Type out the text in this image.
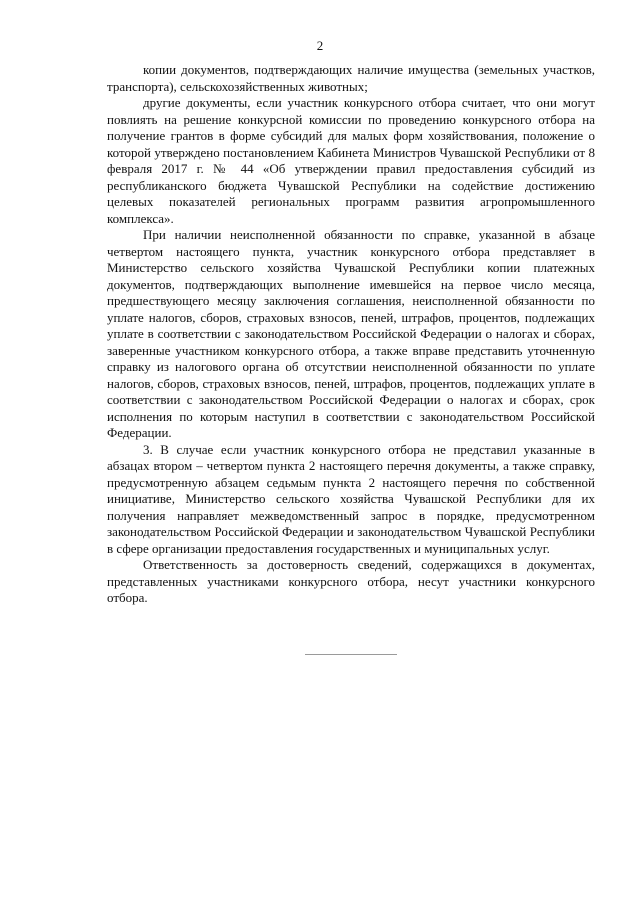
2

копии документов, подтверждающих наличие имущества (земельных участков, транспорта), сельскохозяйственных животных;

другие документы, если участник конкурсного отбора считает, что они могут повлиять на решение конкурсной комиссии по проведению конкурсного отбора на получение грантов в форме субсидий для малых форм хозяйствования, положение о которой утверждено постановлением Кабинета Министров Чувашской Республики от 8 февраля 2017 г. № 44 «Об утверждении правил предоставления субсидий из республиканского бюджета Чувашской Республики на содействие достижению целевых показателей региональных программ развития агропромышленного комплекса».

При наличии неисполненной обязанности по справке, указанной в абзаце четвертом настоящего пункта, участник конкурсного отбора представляет в Министерство сельского хозяйства Чувашской Республики копии платежных документов, подтверждающих выполнение имевшейся на первое число месяца, предшествующего месяцу заключения соглашения, неисполненной обязанности по уплате налогов, сборов, страховых взносов, пеней, штрафов, процентов, подлежащих уплате в соответствии с законодательством Российской Федерации о налогах и сборах, заверенные участником конкурсного отбора, а также вправе представить уточненную справку из налогового органа об отсутствии неисполненной обязанности по уплате налогов, сборов, страховых взносов, пеней, штрафов, процентов, подлежащих уплате в соответствии с законодательством Российской Федерации о налогах и сборах, срок исполнения по которым наступил в соответствии с законодательством Российской Федерации.

3. В случае если участник конкурсного отбора не представил указанные в абзацах втором – четвертом пункта 2 настоящего перечня документы, а также справку, предусмотренную абзацем седьмым пункта 2 настоящего перечня по собственной инициативе, Министерство сельского хозяйства Чувашской Республики для их получения направляет межведомственный запрос в порядке, предусмотренном законодательством Российской Федерации и законодательством Чувашской Республики в сфере организации предоставления государственных и муниципальных услуг.

Ответственность за достоверность сведений, содержащихся в документах, представленных участниками конкурсного отбора, несут участники конкурсного отбора.
